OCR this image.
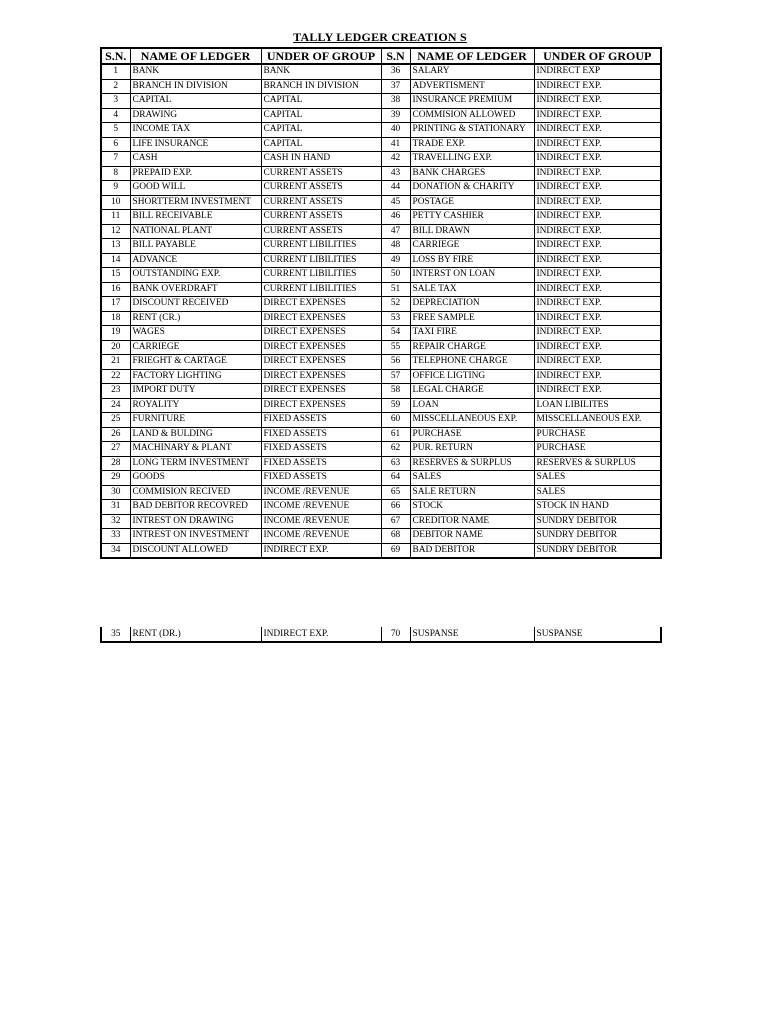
TALLY LEDGER CREATION S
S.N.	NAME OF LEDGER	UNDER OF GROUP	S.N	NAME OF LEDGER	UNDER OF GROUP
1	BANK	BANK	36	SALARY	INDIRECT EXP
2	BRANCH IN DIVISION	BRANCH IN DIVISION	37	ADVERTISMENT	INDIRECT EXP.
3	CAPITAL	CAPITAL	38	INSURANCE PREMIUM	INDIRECT EXP.
4	DRAWING	CAPITAL	39	COMMISION ALLOWED	INDIRECT EXP.
5	INCOME TAX	CAPITAL	40	PRINTING & STATIONARY	INDIRECT EXP.
6	LIFE INSURANCE	CAPITAL	41	TRADE EXP.	INDIRECT EXP.
7	CASH	CASH IN HAND	42	TRAVELLING EXP.	INDIRECT EXP.
8	PREPAID EXP.	CURRENT ASSETS	43	BANK CHARGES	INDIRECT EXP.
9	GOOD WILL	CURRENT ASSETS	44	DONATION & CHARITY	INDIRECT EXP.
10	SHORTTERM INVESTMENT	CURRENT ASSETS	45	POSTAGE	INDIRECT EXP.
11	BILL RECEIVABLE	CURRENT ASSETS	46	PETTY CASHIER	INDIRECT EXP.
12	NATIONAL PLANT	CURRENT ASSETS	47	BILL DRAWN	INDIRECT EXP.
13	BILL PAYABLE	CURRENT LIBILITIES	48	CARRIEGE	INDIRECT EXP.
14	ADVANCE	CURRENT LIBILITIES	49	LOSS BY FIRE	INDIRECT EXP.
15	OUTSTANDING EXP.	CURRENT LIBILITIES	50	INTERST ON LOAN	INDIRECT EXP.
16	BANK OVERDRAFT	CURRENT LIBILITIES	51	SALE TAX	INDIRECT EXP.
17	DISCOUNT RECEIVED	DIRECT EXPENSES	52	DEPRECIATION	INDIRECT EXP.
18	RENT (CR.)	DIRECT EXPENSES	53	FREE SAMPLE	INDIRECT EXP.
19	WAGES	DIRECT EXPENSES	54	TAXI FIRE	INDIRECT EXP.
20	CARRIEGE	DIRECT EXPENSES	55	REPAIR CHARGE	INDIRECT EXP.
21	FRIEGHT & CARTAGE	DIRECT EXPENSES	56	TELEPHONE CHARGE	INDIRECT EXP.
22	FACTORY LIGHTING	DIRECT EXPENSES	57	OFFICE LIGTING	INDIRECT EXP.
23	IMPORT DUTY	DIRECT EXPENSES	58	LEGAL CHARGE	INDIRECT EXP.
24	ROYALITY	DIRECT EXPENSES	59	LOAN	LOAN LIBILITES
25	FURNITURE	FIXED ASSETS	60	MISSCELLANEOUS EXP.	MISSCELLANEOUS EXP.
26	LAND & BULDING	FIXED ASSETS	61	PURCHASE	PURCHASE
27	MACHINARY & PLANT	FIXED ASSETS	62	PUR. RETURN	PURCHASE
28	LONG TERM INVESTMENT	FIXED ASSETS	63	RESERVES & SURPLUS	RESERVES & SURPLUS
29	GOODS	FIXED ASSETS	64	SALES	SALES
30	COMMISION RECIVED	INCOME /REVENUE	65	SALE RETURN	SALES
31	BAD DEBITOR RECOVRED	INCOME /REVENUE	66	STOCK	STOCK IN HAND
32	INTREST ON DRAWING	INCOME /REVENUE	67	CREDITOR NAME	SUNDRY DEBITOR
33	INTREST ON INVESTMENT	INCOME /REVENUE	68	DEBITOR NAME	SUNDRY DEBITOR
34	DISCOUNT ALLOWED	INDIRECT EXP.	69	BAD DEBITOR	SUNDRY DEBITOR
35	RENT (DR.)	INDIRECT EXP.	70	SUSPANSE	SUSPANSE
